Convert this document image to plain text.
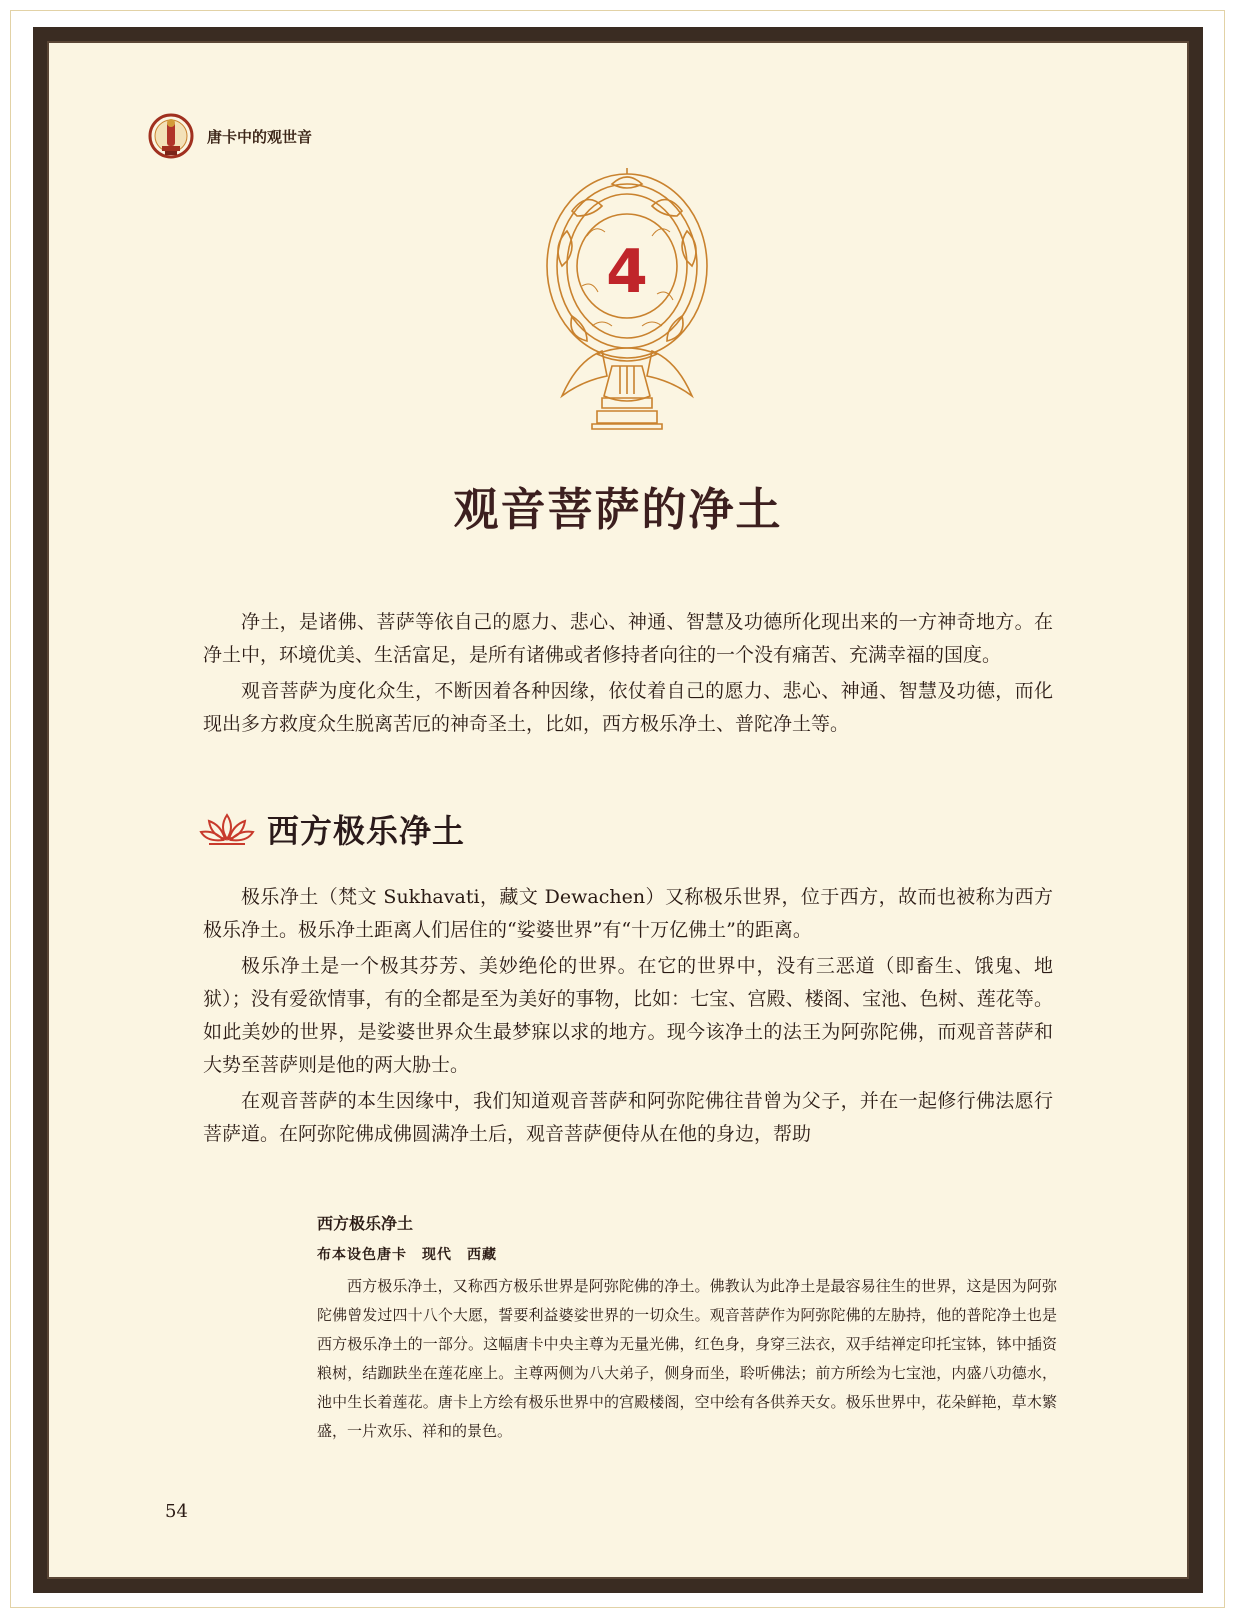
唐卡中的观世音
4
观音菩萨的净土

净土，是诸佛、菩萨等依自己的愿力、悲心、神通、智慧及功德所化现出来的一方神奇地方。在净土中，环境优美、生活富足，是所有诸佛或者修持者向往的一个没有痛苦、充满幸福的国度。

观音菩萨为度化众生，不断因着各种因缘，依仗着自己的愿力、悲心、神通、智慧及功德，而化现出多方救度众生脱离苦厄的神奇圣土，比如，西方极乐净土、普陀净土等。

西方极乐净土

极乐净土（梵文 Sukhavati，藏文 Dewachen）又称极乐世界，位于西方，故而也被称为西方极乐净土。极乐净土距离人们居住的“娑婆世界”有“十万亿佛土”的距离。

极乐净土是一个极其芬芳、美妙绝伦的世界。在它的世界中，没有三恶道（即畜生、饿鬼、地狱）；没有爱欲情事，有的全都是至为美好的事物，比如：七宝、宫殿、楼阁、宝池、色树、莲花等。如此美妙的世界，是娑婆世界众生最梦寐以求的地方。现今该净土的法王为阿弥陀佛，而观音菩萨和大势至菩萨则是他的两大胁士。

在观音菩萨的本生因缘中，我们知道观音菩萨和阿弥陀佛往昔曾为父子，并在一起修行佛法愿行菩萨道。在阿弥陀佛成佛圆满净土后，观音菩萨便侍从在他的身边，帮助

西方极乐净土
布本设色唐卡　现代　西藏

西方极乐净土，又称西方极乐世界是阿弥陀佛的净土。佛教认为此净土是最容易往生的世界，这是因为阿弥陀佛曾发过四十八个大愿，誓要利益婆娑世界的一切众生。观音菩萨作为阿弥陀佛的左胁持，他的普陀净土也是西方极乐净土的一部分。这幅唐卡中央主尊为无量光佛，红色身，身穿三法衣，双手结禅定印托宝钵，钵中插资粮树，结跏趺坐在莲花座上。主尊两侧为八大弟子，侧身而坐，聆听佛法；前方所绘为七宝池，内盛八功德水，池中生长着莲花。唐卡上方绘有极乐世界中的宫殿楼阁，空中绘有各供养天女。极乐世界中，花朵鲜艳，草木繁盛，一片欢乐、祥和的景色。

54
